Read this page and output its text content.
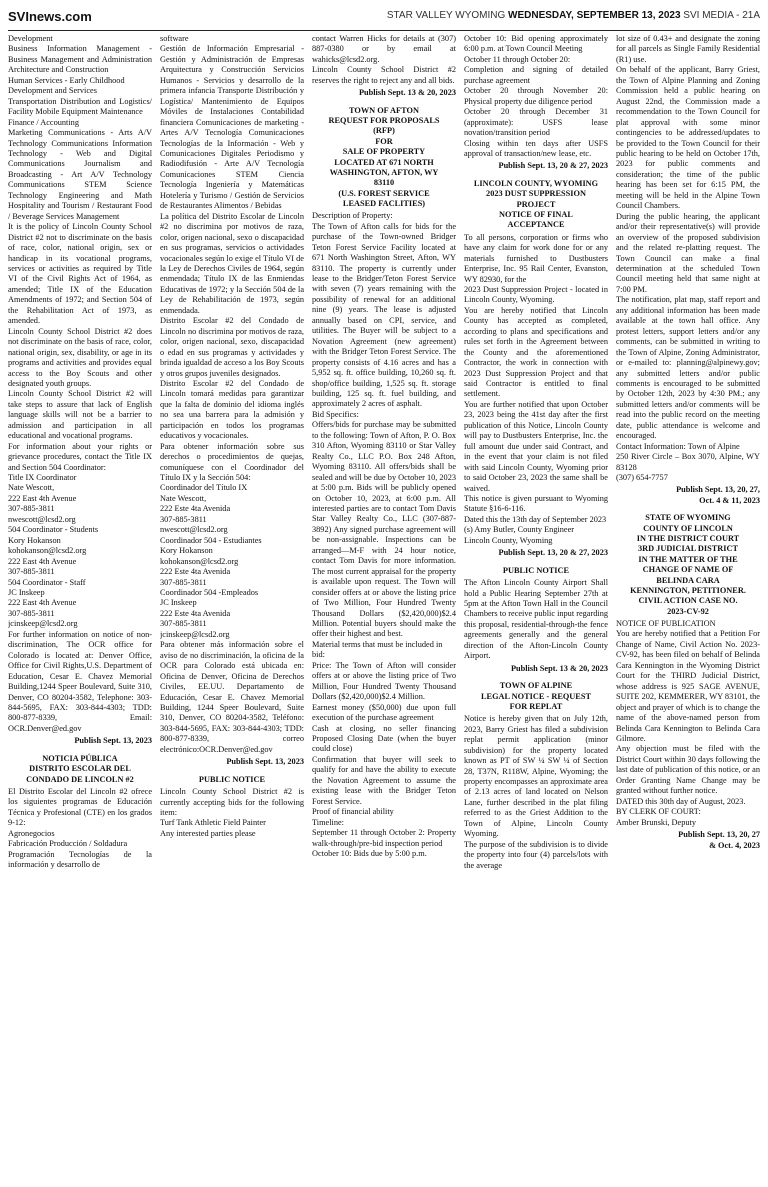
SVInews.com	STAR VALLEY WYOMING WEDNESDAY, SEPTEMBER 13, 2023 SVI MEDIA - 21A
Development

Business Information Management - Business Management and Administration Architecture and Construction

Human Services - Early Childhood Development and Services

Transportation Distribution and Logistics/ Facility Mobile Equipment Maintenance

Finance / Accounting

Marketing Communications - Arts A/V Technology Communications Information Technology - Web and Digital Communications Journalism and Broadcasting - Art A/V Technology Communications STEM Science Technology Engineering and Math Hospitality and Tourism / Restaurant Food / Beverage Services Management

It is the policy of Lincoln County School District #2 not to discriminate on the basis of race, color, national origin, sex or handicap in its vocational programs, services or activities as required by Title VI of the Civil Rights Act of 1964, as amended; Title IX of the Education Amendments of 1972; and Section 504 of the Rehabilitation Act of 1973, as amended.

Lincoln County School District #2 does not discriminate on the basis of race, color, national origin, sex, disability, or age in its programs and activities and provides equal access to the Boy Scouts and other designated youth groups.

Lincoln County School District #2 will take steps to assure that lack of English language skills will not be a barrier to admission and participation in all educational and vocational programs.

For information about your rights or grievance procedures, contact the Title IX and Section 504 Coordinator:

Title IX Coordinator
Nate Wescott,
222 East 4th Avenue
307-885-3811
nwescott@lcsd2.org
504 Coordinator - Students
Kory Hokanson
kohokanson@lcsd2.org
222 East 4th Avenue
307-885-3811
504 Coordinator - Staff
JC Inskeep
222 East 4th Avenue
307-885-3811
jcinskeep@lcsd2.org

For further information on notice of non-discrimination, The OCR office for Colorado is located at: Denver Office, Office for Civil Rights,U.S. Department of Education, Cesar E. Chavez Memorial Building,1244 Speer Boulevard, Suite 310, Denver, CO 80204-3582, Telephone: 303-844-5695, FAX: 303-844-4303; TDD: 800-877-8339, Email: OCR.Denver@ed.gov

Publish Sept. 13, 2023
NOTICIA PÚBLICA
DISTRITO ESCOLAR DEL
CONDADO DE LINCOLN #2

El Distrito Escolar del Lincoln #2 ofrece los siguientes programas de Educación Técnica y Profesional (CTE) en los grados 9-12:

Agronegocios

Fabricación Producción / Soldadura

Programación Tecnologías de la información y desarrollo de

software

Gestión de Información Empresarial - Gestión y Administración de Empresas Arquitectura y Construcción Servicios Humanos - Servicios y desarrollo de la primera infancia Transporte Distribución y Logística/ Mantenimiento de Equipos Móviles de Instalaciones Contabilidad financiera Comunicaciones de marketing - Artes A/V Tecnología Comunicaciones Tecnologías de la Información - Web y Comunicaciones Digitales Periodismo y Radiodifusión - Arte A/V Tecnología Comunicaciones STEM Ciencia Tecnología Ingeniería y Matemáticas Hotelería y Turismo / Gestión de Servicios de Restaurantes Alimentos / Bebidas

La política del Distrito Escolar de Lincoln #2 no discrimina por motivos de raza, color, origen nacional, sexo o discapacidad en sus programas, servicios o actividades vocacionales según lo exige el Título VI de la Ley de Derechos Civiles de 1964, según enmendada; Título IX de las Enmiendas Educativas de 1972; y la Sección 504 de la Ley de Rehabilitación de 1973, según enmendada.

Distrito Escolar #2 del Condado de Lincoln no discrimina por motivos de raza, color, origen nacional, sexo, discapacidad o edad en sus programas y actividades y brinda igualdad de acceso a los Boy Scouts y otros grupos juveniles designados.

Distrito Escolar #2 del Condado de Lincoln tomará medidas para garantizar que la falta de dominio del idioma inglés no sea una barrera para la admisión y participación en todos los programas educativos y vocacionales.

Para obtener información sobre sus derechos o procedimientos de quejas, comuníquese con el Coordinador del Título IX y la Sección 504:

Coordinador del Título IX
Nate Wescott,
222 Este 4ta Avenida
307-885-3811
nwescott@lcsd2.org
Coordinador 504 - Estudiantes
Kory Hokanson
kohokanson@lcsd2.org
222 Este 4ta Avenida
307-885-3811
Coordinador 504 -Empleados
JC Inskeep
222 Este 4ta Avenida
307-885-3811
jcinskeep@lcsd2.org

Para obtener más información sobre el aviso de no discriminación, la oficina de la OCR para Colorado está ubicada en: Oficina de Denver, Oficina de Derechos Civiles, EE.UU. Departamento de Educación, Cesar E. Chavez Memorial Building, 1244 Speer Boulevard, Suite 310, Denver, CO 80204-3582, Teléfono: 303-844-5695, FAX: 303-844-4303; TDD: 800-877-8339, correo electrónico:OCR.Denver@ed.gov

Publish Sept. 13, 2023
PUBLIC NOTICE

Lincoln County School District #2 is currently accepting bids for the following item:

Turf Tank Athletic Field Painter

Any interested parties please

contact Warren Hicks for details at (307) 887-0380 or by email at wahicks@lcsd2.org.

Lincoln County School District #2 reserves the right to reject any and all bids.

Publish Sept. 13 & 20, 2023
TOWN OF AFTON
REQUEST FOR PROPOSALS
(RFP)
FOR
SALE OF PROPERTY
LOCATED AT 671 NORTH
WASHINGTON, AFTON, WY
83110
(U.S. FOREST SERVICE
LEASED FACLITIES)
Description of Property:

The Town of Afton calls for bids for the purchase of the Town-owned Bridger Teton Forest Service Facility located at 671 North Washington Street, Afton, WY 83110. The property is currently under lease to the Bridger/Teton Forest Service with seven (7) years remaining with the possibility of renewal for an additional nine (9) years. The lease is adjusted annually based on CPI, service, and utilities. The Buyer will be subject to a Novation Agreement (new agreement) with the Bridger Teton Forest Service. The property consists of 4.16 acres and has a 5,952 sq. ft. office building, 10,260 sq. ft. shop/office building, 1,525 sq. ft. storage building, 125 sq. ft. fuel building, and approximately 2 acres of asphalt.

Bid Specifics:

Offers/bids for purchase may be submitted to the following: Town of Afton, P. O. Box 310 Afton, Wyoming 83110 or Star Valley Realty Co., LLC P.O. Box 248 Afton, Wyoming 83110. All offers/bids shall be sealed and will be due by October 10, 2023 at 5:00 p.m. Bids will be publicly opened on October 10, 2023, at 6:00 p.m. All interested parties are to contact Tom Davis Star Valley Realty Co., LLC (307-887-3892) Any signed purchase agreement will be non-assignable. Inspections can be arranged—M-F with 24 hour notice, contact Tom Davis for more information. The most current appraisal for the property is available upon request. The Town will consider offers at or above the listing price of Two Million, Four Hundred Twenty Thousand Dollars ($2,420,000)$2.4 Million. Potential buyers should make the offer their highest and best.

Material terms that must be included in bid:

Price: The Town of Afton will consider offers at or above the listing price of Two Million, Four Hundred Twenty Thousand Dollars ($2,420,000)$2.4 Million.

Earnest money ($50,000) due upon full execution of the purchase agreement

Cash at closing, no seller financing Proposed Closing Date (when the buyer could close)

Confirmation that buyer will seek to qualify for and have the ability to execute the Novation Agreement to assume the existing lease with the Bridger Teton Forest Service.

Proof of financial ability
Timeline:

September 11 through October 2: Property walk-through/pre-bid inspection period

October 10: Bids due by 5:00 p.m.

October 10: Bid opening approximately 6:00 p.m. at Town Council Meeting

October 11 through October 20:

Completion and signing of detailed purchase agreement

October 20 through November 20: Physical property due diligence period

October 20 through December 31 (approximate): USFS lease novation/transition period

Closing within ten days after USFS approval of transaction/new lease, etc.

Publish Sept. 13, 20 & 27, 2023
LINCOLN COUNTY, WYOMING
2023 DUST SUPPRESSION
PROJECT
NOTICE OF FINAL
ACCEPTANCE

To all persons, corporation or firms who have any claim for work done for or any materials furnished to Dustbusters Enterprise, Inc. 95 Rail Center, Evanston, WY 82930, for the

2023 Dust Suppression Project - located in Lincoln County, Wyoming.

You are hereby notified that Lincoln County has accepted as completed, according to plans and specifications and rules set forth in the Agreement between the County and the aforementioned Contractor, the work in connection with 2023 Dust Suppression Project and that said Contractor is entitled to final settlement.

You are further notified that upon October 23, 2023 being the 41st day after the first publication of this Notice, Lincoln County will pay to Dustbusters Enterprise, Inc. the full amount due under said Contract, and in the event that your claim is not filed with said Lincoln County, Wyoming prior to said October 23, 2023 the same shall be waived.

This notice is given pursuant to Wyoming Statute §16-6-116.

Dated this the 13th day of September 2023

(s) Amy Butler, County Engineer
Lincoln County, Wyoming
Publish Sept. 13, 20 & 27, 2023
PUBLIC NOTICE

The Afton Lincoln County Airport Shall hold a Public Hearing September 27th at 5pm at the Afton Town Hall in the Council Chambers to receive public input regarding this proposal, residential-through-the fence agreements generally and the general direction of the Afton-Lincoln County Airport.

Publish Sept. 13 & 20, 2023
TOWN OF ALPINE
LEGAL NOTICE - REQUEST
FOR REPLAT

Notice is hereby given that on July 12th, 2023, Barry Griest has filed a subdivision replat permit application (minor subdivision) for the property located known as PT of SW ¼ SW ¼ of Section 28, T37N, R118W, Alpine, Wyoming; the property encompasses an approximate area of 2.13 acres of land located on Nelson Lane, further described in the plat filing referred to as the Griest Addition to the Town of Alpine, Lincoln County Wyoming.

The purpose of the subdivision is to divide the property into four (4) parcels/lots with the average

lot size of 0.43+ and designate the zoning for all parcels as Single Family Residential (R1) use.

On behalf of the applicant, Barry Griest, the Town of Alpine Planning and Zoning Commission held a public hearing on August 22nd, the Commission made a recommendation to the Town Council for plat approval with some minor contingencies to be addressed/updates to be provided to the Town Council for their public hearing to be held on October 17th, 2023 for public comments and consideration; the time of the public hearing has been set for 6:15 PM, the meeting will be held in the Alpine Town Council Chambers.

During the public hearing, the applicant and/or their representative(s) will provide an overview of the proposed subdivision and the related re-platting request. The Town Council can make a final determination at the scheduled Town Council meeting held that same night at 7:00 PM.

The notification, plat map, staff report and any additional information has been made available at the town hall office. Any protest letters, support letters and/or any comments, can be submitted in writing to the Town of Alpine, Zoning Administrator, or e-mailed to: planning@alpinewy.gov; any submitted letters and/or public comments is encouraged to be submitted by October 12th, 2023 by 4:30 PM.; any submitted letters and/or comments will be read into the public record on the meeting date, public attendance is welcome and encouraged.

Contact Information: Town of Alpine

250 River Circle – Box 3070, Alpine, WY 83128

(307) 654-7757
Publish Sept. 13, 20, 27,
Oct. 4 & 11, 2023
STATE OF WYOMING
COUNTY OF LINCOLN
IN THE DISTRICT COURT
3RD JUDICIAL DISTRICT
IN THE MATTER OF THE
CHANGE OF NAME OF
BELINDA CARA
KENNINGTON, PETITIONER.
CIVIL ACTION CASE NO.
2023-CV-92
NOTICE OF PUBLICATION

You are hereby notified that a Petition For Change of Name, Civil Action No. 2023-CV-92, has been filed on behalf of Belinda Cara Kennington in the Wyoming District Court for the THIRD Judicial District, whose address is 925 SAGE AVENUE, SUITE 202, KEMMERER, WY 83101, the object and prayer of which is to change the name of the above-named person from Belinda Cara Kennington to Belinda Cara Gilmore.

Any objection must be filed with the District Court within 30 days following the last date of publication of this notice, or an Order Granting Name Change may be granted without further notice.

DATED this 30th day of August, 2023.

BY CLERK OF COURT:
Amber Brunski, Deputy
Publish Sept. 13, 20, 27
& Oct. 4, 2023
